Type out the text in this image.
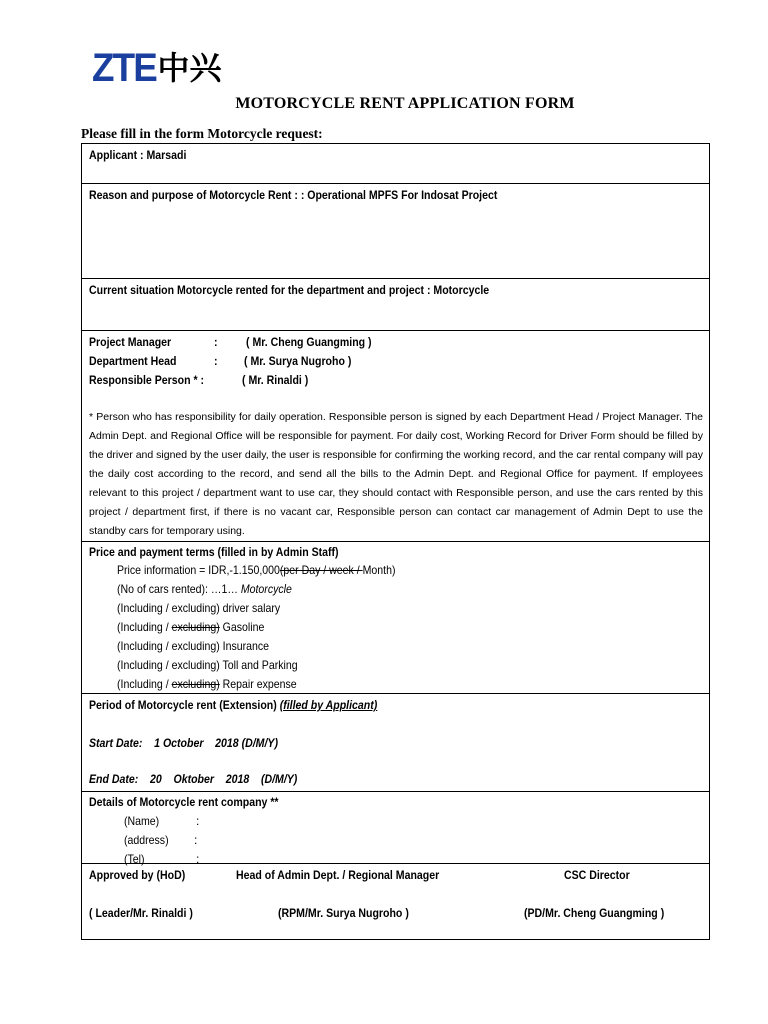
ZTE 中兴
MOTORCYCLE RENT APPLICATION FORM
Please fill in the form Motorcycle request:
Applicant : Marsadi
Reason and purpose of Motorcycle Rent : : Operational MPFS For Indosat Project
Current situation Motorcycle rented for the department and project : Motorcycle
Project Manager	: ( Mr. Cheng Guangming )
Department Head	: ( Mr. Surya Nugroho )
Responsible Person * :	( Mr. Rinaldi )
* Person who has responsibility for daily operation. Responsible person is signed by each Department Head / Project Manager. The Admin Dept. and Regional Office will be responsible for payment. For daily cost, Working Record for Driver Form should be filled by the driver and signed by the user daily, the user is responsible for confirming the working record, and the car rental company will pay the daily cost according to the record, and send all the bills to the Admin Dept. and Regional Office for payment. If employees relevant to this project / department want to use car, they should contact with Responsible person, and use the cars rented by this project / department first, if there is no vacant car, Responsible person can contact car management of Admin Dept to use the standby cars for temporary using.
Price and payment terms (filled in by Admin Staff)
Price information = IDR,-1.150,000(per Day / week / Month)
(No of cars rented): …1… Motorcycle
(Including / excluding) driver salary
(Including / excluding) Gasoline
(Including / excluding) Insurance
(Including / excluding) Toll and Parking
(Including / excluding) Repair expense
Period of Motorcycle rent (Extension) (filled by Applicant)
Start Date:    1 October    2018 (D/M/Y)
End Date:    20    Oktober    2018    (D/M/Y)
Details of Motorcycle rent company **
(Name)	:
(address)	:
(Tel)	:
Approved by (HoD)	Head of Admin Dept. / Regional Manager	CSC Director
( Leader/Mr. Rinaldi )	(RPM/Mr. Surya Nugroho )	(PD/Mr. Cheng Guangming )
